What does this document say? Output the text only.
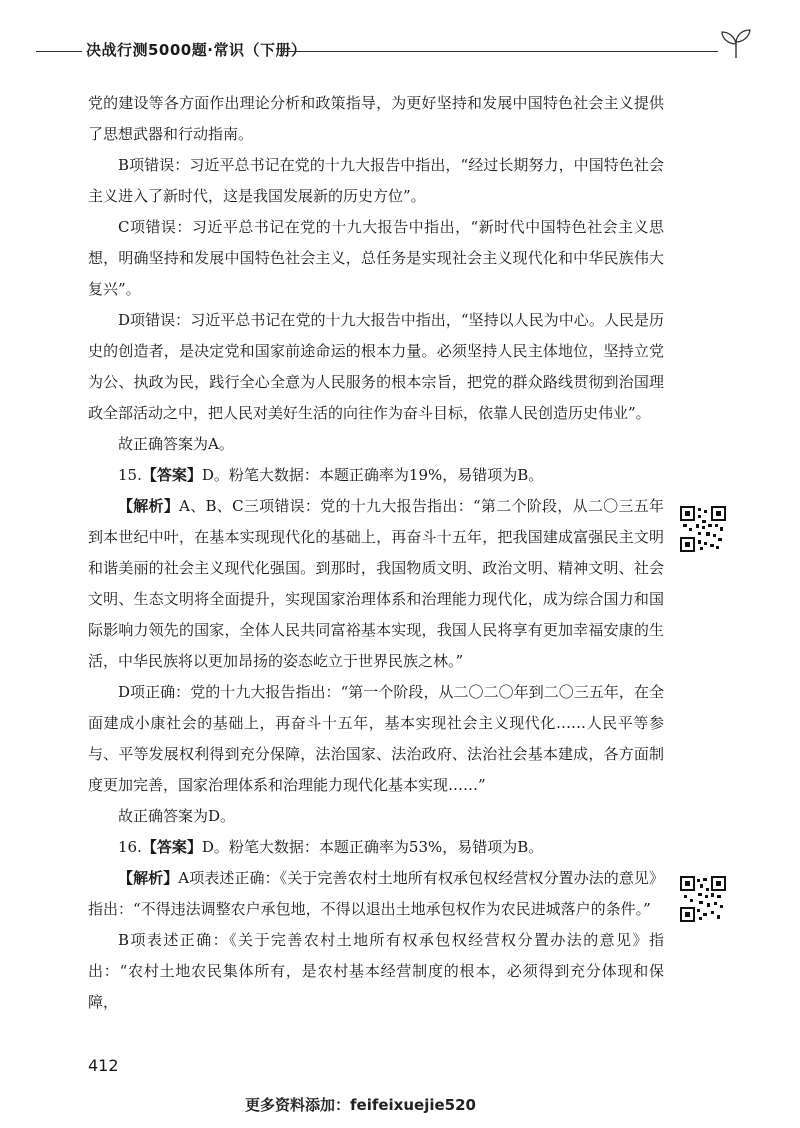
决战行测5000题·常识（下册）

党的建设等各方面作出理论分析和政策指导，为更好坚持和发展中国特色社会主义提供了思想武器和行动指南。

B项错误：习近平总书记在党的十九大报告中指出，“经过长期努力，中国特色社会主义进入了新时代，这是我国发展新的历史方位”。

C项错误：习近平总书记在党的十九大报告中指出，“新时代中国特色社会主义思想，明确坚持和发展中国特色社会主义，总任务是实现社会主义现代化和中华民族伟大复兴”。

D项错误：习近平总书记在党的十九大报告中指出，“坚持以人民为中心。人民是历史的创造者，是决定党和国家前途命运的根本力量。必须坚持人民主体地位，坚持立党为公、执政为民，践行全心全意为人民服务的根本宗旨，把党的群众路线贯彻到治国理政全部活动之中，把人民对美好生活的向往作为奋斗目标，依靠人民创造历史伟业”。

故正确答案为A。

15.【答案】D。粉笔大数据：本题正确率为19%，易错项为B。

【解析】A、B、C三项错误：党的十九大报告指出：“第二个阶段，从二〇三五年到本世纪中叶，在基本实现现代化的基础上，再奋斗十五年，把我国建成富强民主文明和谐美丽的社会主义现代化强国。到那时，我国物质文明、政治文明、精神文明、社会文明、生态文明将全面提升，实现国家治理体系和治理能力现代化，成为综合国力和国际影响力领先的国家，全体人民共同富裕基本实现，我国人民将享有更加幸福安康的生活，中华民族将以更加昂扬的姿态屹立于世界民族之林。”

D项正确：党的十九大报告指出：“第一个阶段，从二〇二〇年到二〇三五年，在全面建成小康社会的基础上，再奋斗十五年，基本实现社会主义现代化……人民平等参与、平等发展权利得到充分保障，法治国家、法治政府、法治社会基本建成，各方面制度更加完善，国家治理体系和治理能力现代化基本实现……”

故正确答案为D。

16.【答案】D。粉笔大数据：本题正确率为53%，易错项为B。

【解析】A项表述正确：《关于完善农村土地所有权承包权经营权分置办法的意见》指出：“不得违法调整农户承包地，不得以退出土地承包权作为农民进城落户的条件。”

B项表述正确：《关于完善农村土地所有权承包权经营权分置办法的意见》指出：“农村土地农民集体所有，是农村基本经营制度的根本，必须得到充分体现和保障，

412
更多资料添加：feifeixuejie520
